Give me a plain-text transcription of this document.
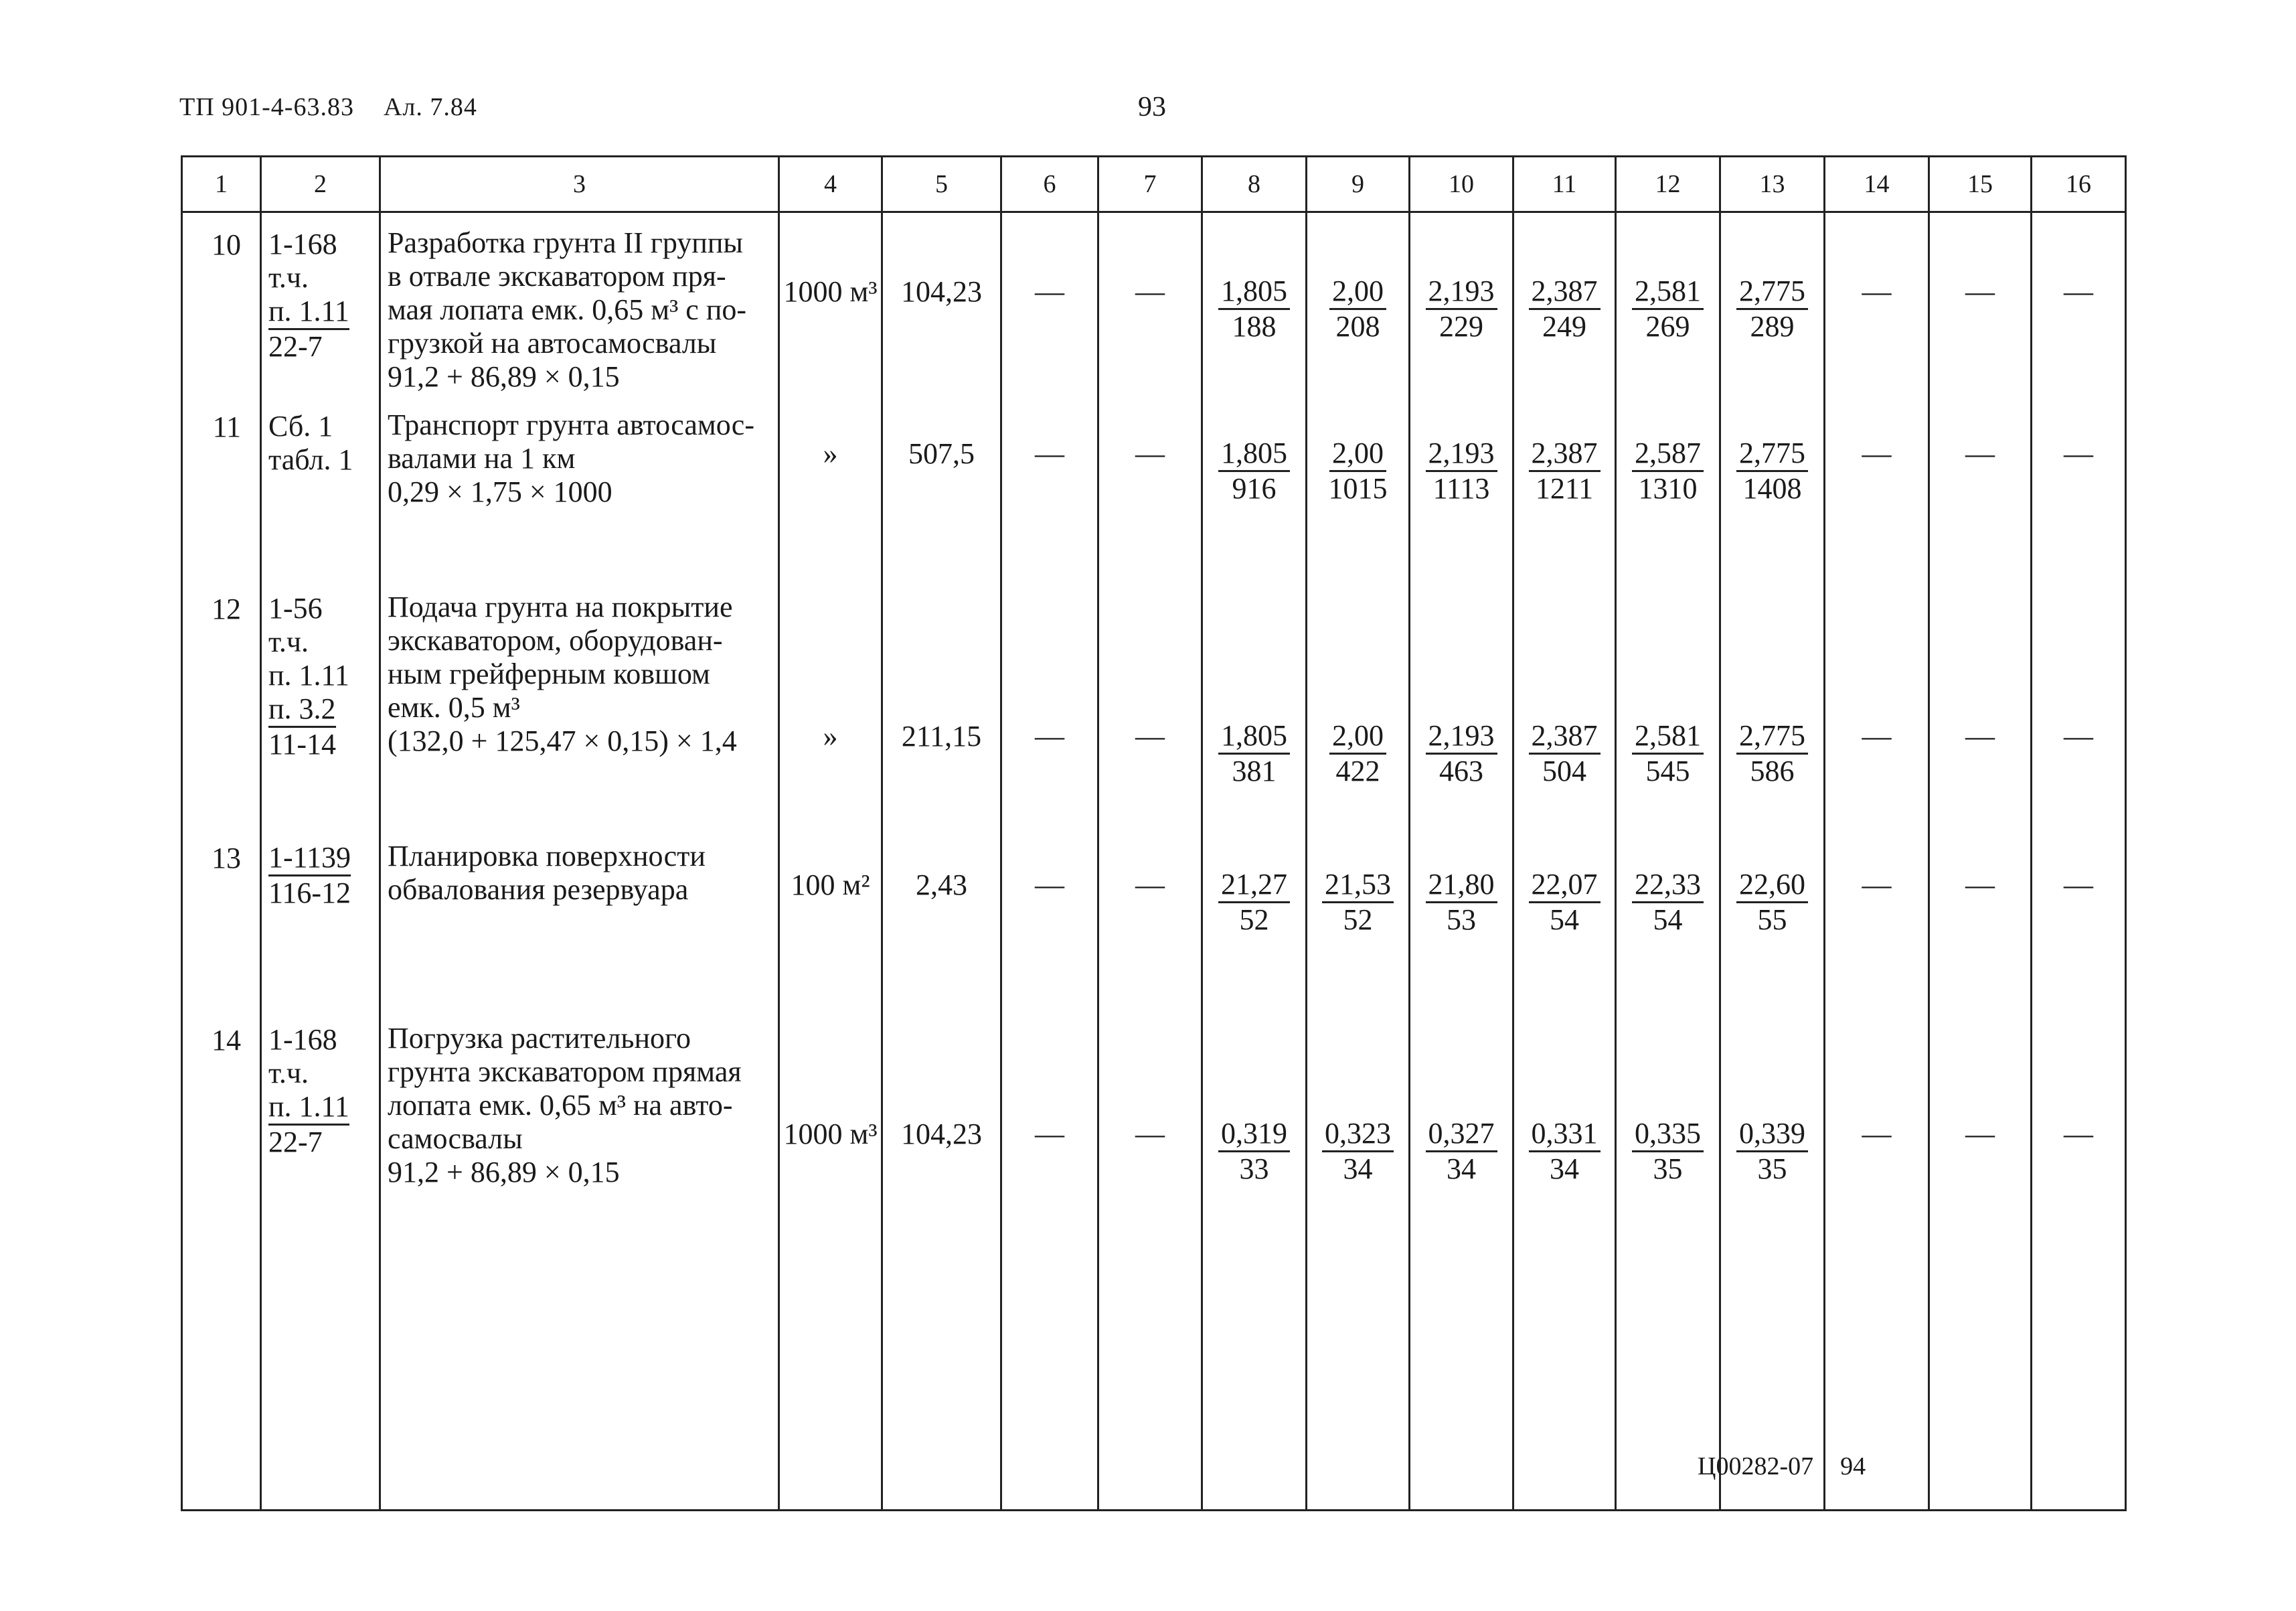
ТП 901-4-63.83 Ал. 7.84	93
1	2	3	4	5	6	7	8	9	10	11	12	13	14	15	16
10	1-168
т.ч.
п. 1.11
22-7	Разработка грунта II группы
в отвале экскаватором пря-
мая лопата емк. 0,65 м³ с по-
грузкой на автосамосвалы
91,2 + 86,89 × 0,15	1000 м³	104,23	—	—	$\frac{1,805}{188}$	$\frac{2,00}{208}$	$\frac{2,193}{229}$	$\frac{2,387}{249}$	$\frac{2,581}{269}$	$\frac{2,775}{289}$	—	—	—

11	Сб. 1
табл. 1	Транспорт грунта автосамос-
валами на 1 км
0,29 × 1,75 × 1000	»	507,5	—	—	$\frac{1,805}{916}$	$\frac{2,00}{1015}$	$\frac{2,193}{1113}$	$\frac{2,387}{1211}$	$\frac{2,587}{1310}$	$\frac{2,775}{1408}$	—	—	—

12	1-56
т.ч.
п. 1.11
п. 3.2
11-14	Подача грунта на покрытие
экскаватором, оборудован-
ным грейферным ковшом
емк. 0,5 м³
(132,0 + 125,47 × 0,15) × 1,4	»	211,15	—	—	$\frac{1,805}{381}$	$\frac{2,00}{422}$	$\frac{2,193}{463}$	$\frac{2,387}{504}$	$\frac{2,581}{545}$	$\frac{2,775}{586}$	—	—	—

13	1-1139
116-12	Планировка поверхности
обвалования резервуара	100 м²	2,43	—	—	$\frac{21,27}{52}$	$\frac{21,53}{52}$	$\frac{21,80}{53}$	$\frac{22,07}{54}$	$\frac{22,33}{54}$	$\frac{22,60}{55}$	—	—	—

14	1-168
т.ч.
п. 1.11
22-7	Погрузка растительного
грунта экскаватором прямая
лопата емк. 0,65 м³ на авто-
самосвалы
91,2 + 86,89 × 0,15	1000 м³	104,23	—	—	$\frac{0,319}{33}$	$\frac{0,323}{34}$	$\frac{0,327}{34}$	$\frac{0,331}{34}$	$\frac{0,335}{35}$	$\frac{0,339}{35}$	—	—	—
Ц00282-07 94
